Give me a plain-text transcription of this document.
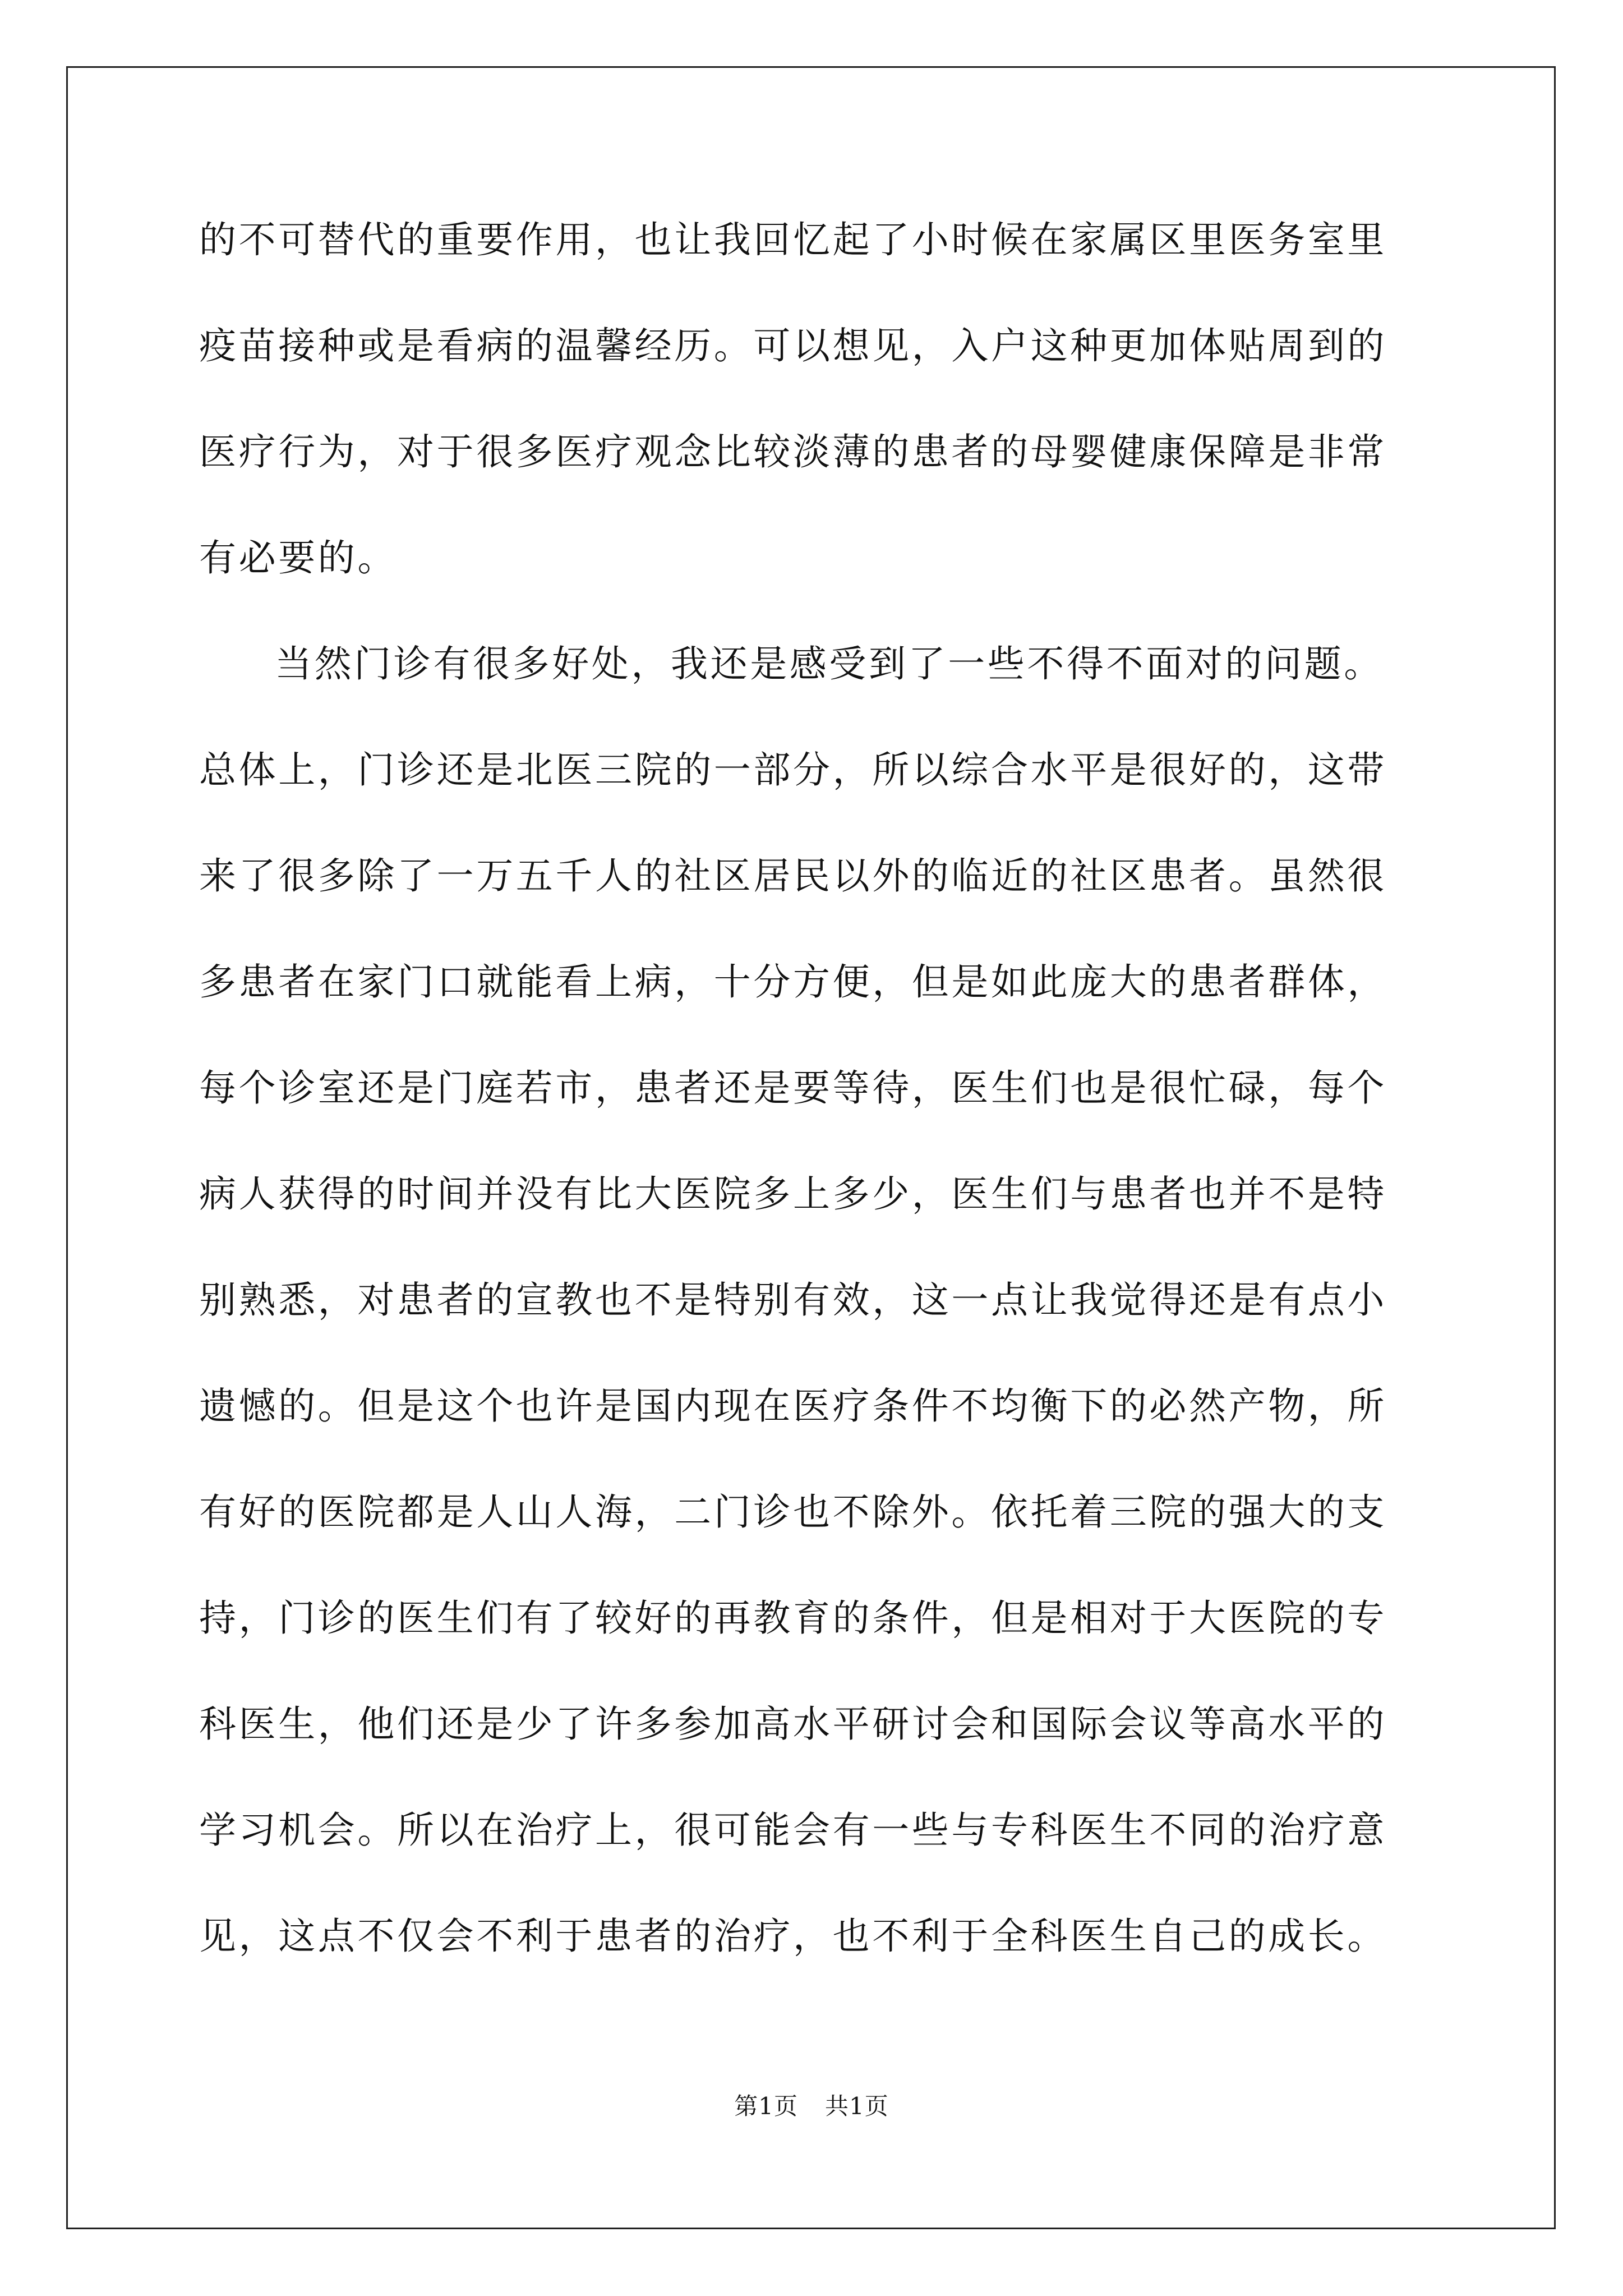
的不可替代的重要作用，也让我回忆起了小时候在家属区里医务室里
疫苗接种或是看病的温馨经历。可以想见，入户这种更加体贴周到的
医疗行为，对于很多医疗观念比较淡薄的患者的母婴健康保障是非常
有必要的。
当然门诊有很多好处，我还是感受到了一些不得不面对的问题。
总体上，门诊还是北医三院的一部分，所以综合水平是很好的，这带
来了很多除了一万五千人的社区居民以外的临近的社区患者。虽然很
多患者在家门口就能看上病，十分方便，但是如此庞大的患者群体，
每个诊室还是门庭若市，患者还是要等待，医生们也是很忙碌，每个
病人获得的时间并没有比大医院多上多少，医生们与患者也并不是特
别熟悉，对患者的宣教也不是特别有效，这一点让我觉得还是有点小
遗憾的。但是这个也许是国内现在医疗条件不均衡下的必然产物，所
有好的医院都是人山人海，二门诊也不除外。依托着三院的强大的支
持，门诊的医生们有了较好的再教育的条件，但是相对于大医院的专
科医生，他们还是少了许多参加高水平研讨会和国际会议等高水平的
学习机会。所以在治疗上，很可能会有一些与专科医生不同的治疗意
见，这点不仅会不利于患者的治疗，也不利于全科医生自己的成长。
第1页 共1页
